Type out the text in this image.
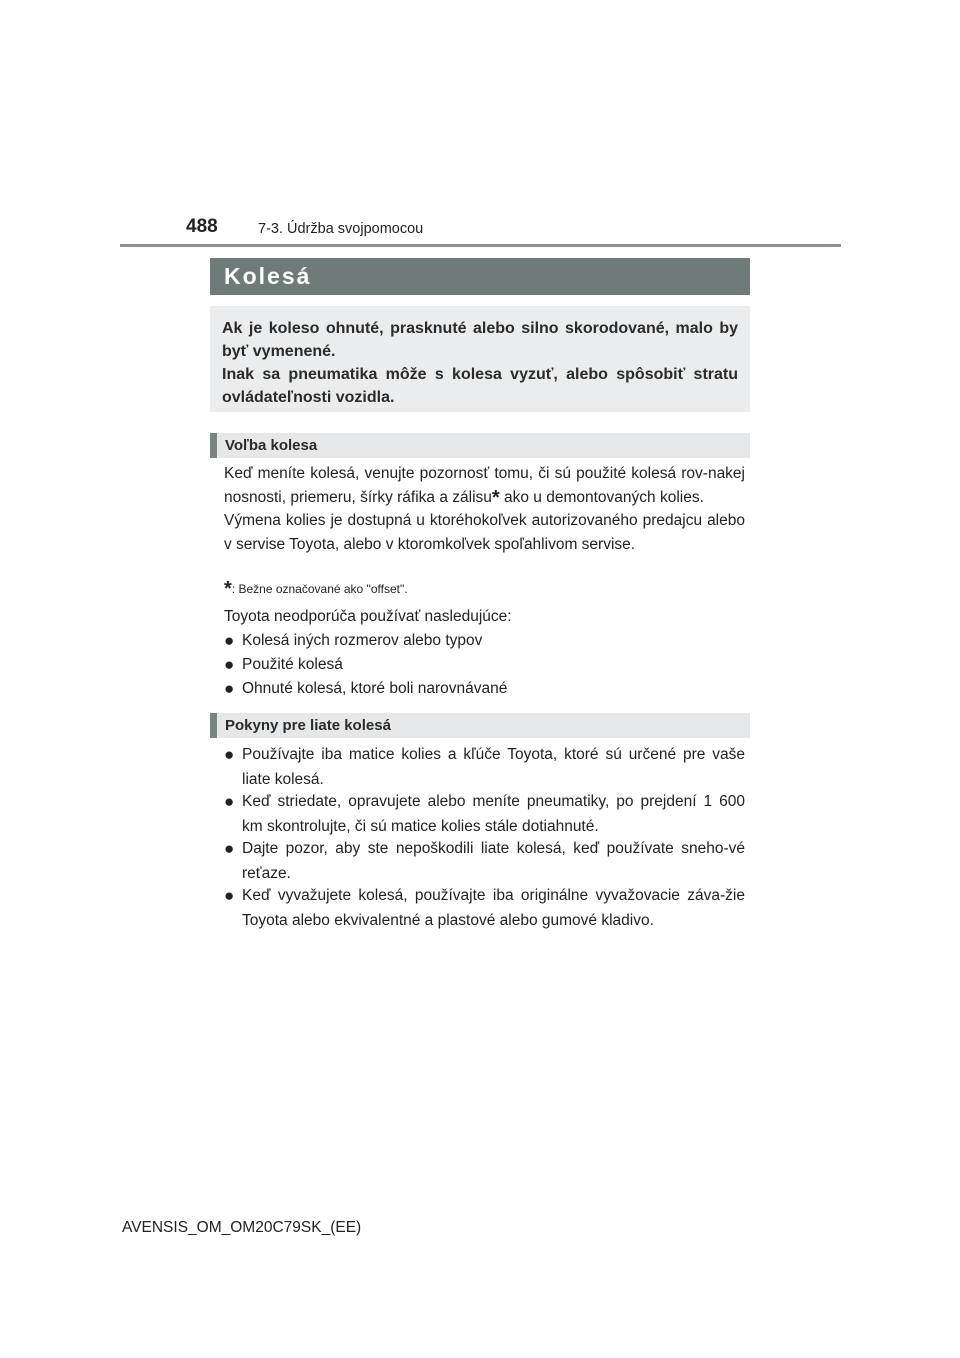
488	7-3. Údržba svojpomocou
Kolesá

Ak je koleso ohnuté, prasknuté alebo silno skorodované, malo by byť vymenené.

Inak sa pneumatika môže s kolesa vyzuť, alebo spôsobiť stratu ovládateľnosti vozidla.

Voľba kolesa

Keď meníte kolesá, venujte pozornosť tomu, či sú použité kolesá rov-nakej nosnosti, priemeru, šírky ráfika a zálisu* ako u demontovaných kolies.

Výmena kolies je dostupná u ktoréhokoľvek autorizovaného predajcu alebo v servise Toyota, alebo v ktoromkoľvek spoľahlivom servise.

*: Bežne označované ako "offset".
Toyota neodporúča používať nasledujúce:
● Kolesá iných rozmerov alebo typov
● Použité kolesá
● Ohnuté kolesá, ktoré boli narovnávané
Pokyny pre liate kolesá
● Používajte iba matice kolies a kľúče Toyota, ktoré sú určené pre vaše liate kolesá.
● Keď striedate, opravujete alebo meníte pneumatiky, po prejdení 1 600 km skontrolujte, či sú matice kolies stále dotiahnuté.
● Dajte pozor, aby ste nepoškodili liate kolesá, keď používate sneho-vé reťaze.
● Keď vyvažujete kolesá, používajte iba originálne vyvažovacie záva-žie Toyota alebo ekvivalentné a plastové alebo gumové kladivo.
AVENSIS_OM_OM20C79SK_(EE)
